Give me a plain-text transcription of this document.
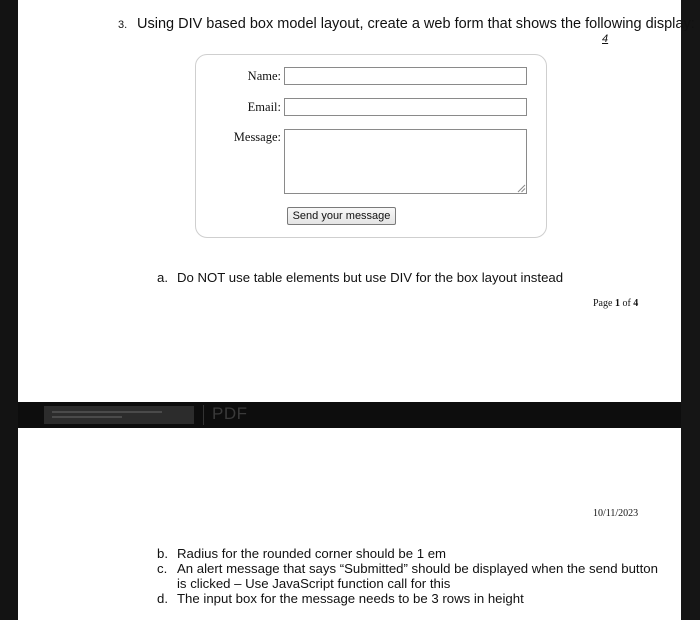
3. Using DIV based box model layout, create a web form that shows the following display:
4
Name:
Email:
Message:
Send your message
a. Do NOT use table elements but use DIV for the box layout instead
Page 1 of 4
PDF
10/11/2023
b. Radius for the rounded corner should be 1 em
c. An alert message that says “Submitted” should be displayed when the send button
is clicked – Use JavaScript function call for this
d. The input box for the message needs to be 3 rows in height
